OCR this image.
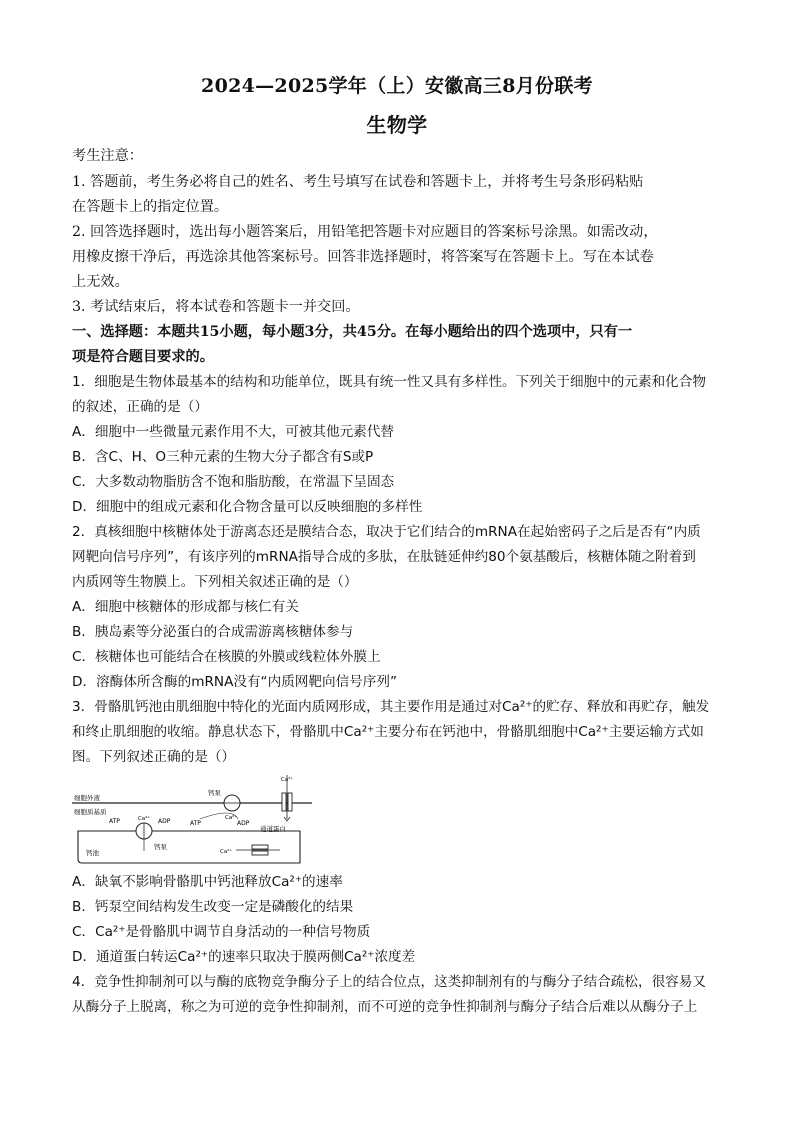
2024—2025学年（上）安徽高三8月份联考
生物学
考生注意：
1. 答题前，考生务必将自己的姓名、考生号填写在试卷和答题卡上，并将考生号条形码粘贴
在答题卡上的指定位置。
2. 回答选择题时，选出每小题答案后，用铅笔把答题卡对应题目的答案标号涂黑。如需改动，
用橡皮擦干净后，再选涂其他答案标号。回答非选择题时，将答案写在答题卡上。写在本试卷
上无效。
3. 考试结束后，将本试卷和答题卡一并交回。
一、选择题：本题共15小题，每小题3分，共45分。在每小题给出的四个选项中，只有一
项是符合题目要求的。
1．细胞是生物体最基本的结构和功能单位，既具有统一性又具有多样性。下列关于细胞中的元素和化合物
的叙述，正确的是（）
A．细胞中一些微量元素作用不大，可被其他元素代替
B．含C、H、O三种元素的生物大分子都含有S或P
C．大多数动物脂肪含不饱和脂肪酸，在常温下呈固态
D．细胞中的组成元素和化合物含量可以反映细胞的多样性
2．真核细胞中核糖体处于游离态还是膜结合态，取决于它们结合的mRNA在起始密码子之后是否有“内质
网靶向信号序列”，有该序列的mRNA指导合成的多肽，在肽链延伸约80个氨基酸后，核糖体随之附着到
内质网等生物膜上。下列相关叙述正确的是（）
A．细胞中核糖体的形成都与核仁有关
B．胰岛素等分泌蛋白的合成需游离核糖体参与
C．核糖体也可能结合在核膜的外膜或线粒体外膜上
D．溶酶体所含酶的mRNA没有“内质网靶向信号序列”
3．骨骼肌钙池由肌细胞中特化的光面内质网形成，其主要作用是通过对Ca²⁺的贮存、释放和再贮存，触发
和终止肌细胞的收缩。静息状态下，骨骼肌中Ca²⁺主要分布在钙池中，骨骼肌细胞中Ca²⁺主要运输方式如
图。下列叙述正确的是（）
细胞外液
细胞质基质
钙泵
ATP
Ca²⁺
ADP
Ca²⁺
通道蛋白
钙池
ATP	Ca²⁺ ADP
钙泵
Ca²⁺
A．缺氧不影响骨骼肌中钙池释放Ca²⁺的速率
B．钙泵空间结构发生改变一定是磷酸化的结果
C．Ca²⁺是骨骼肌中调节自身活动的一种信号物质
D．通道蛋白转运Ca²⁺的速率只取决于膜两侧Ca²⁺浓度差
4．竞争性抑制剂可以与酶的底物竞争酶分子上的结合位点，这类抑制剂有的与酶分子结合疏松，很容易又
从酶分子上脱离，称之为可逆的竞争性抑制剂，而不可逆的竞争性抑制剂与酶分子结合后难以从酶分子上
